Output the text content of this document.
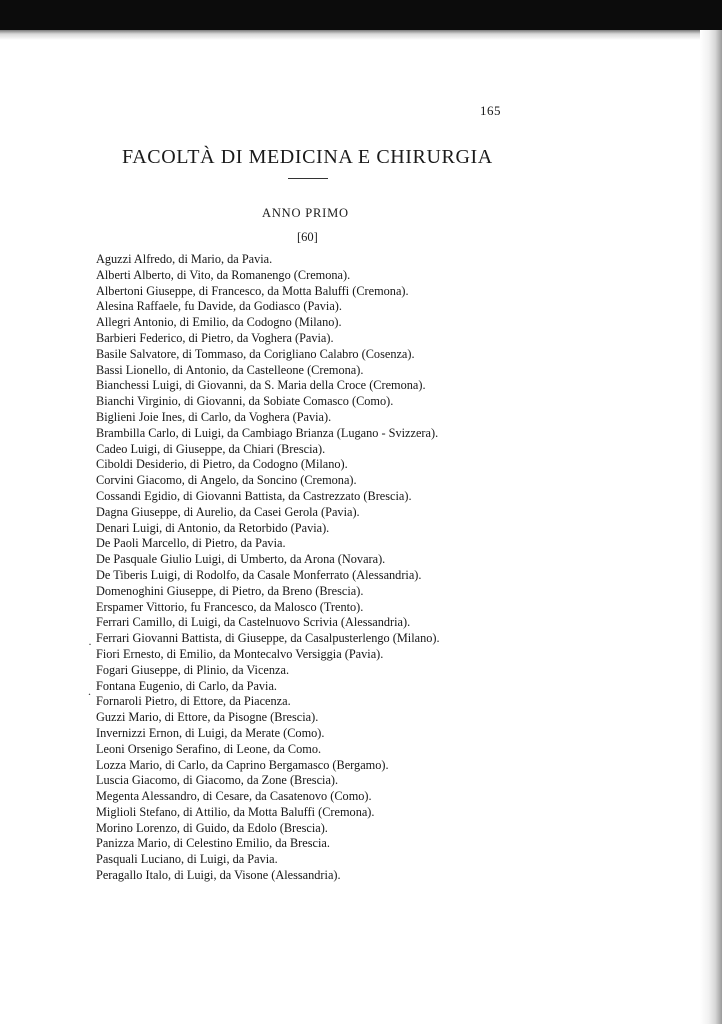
165
FACOLTÀ DI MEDICINA E CHIRURGIA
ANNO PRIMO
[60]
Aguzzi Alfredo, di Mario, da Pavia.
Alberti Alberto, di Vito, da Romanengo (Cremona).
Albertoni Giuseppe, di Francesco, da Motta Baluffi (Cremona).
Alesina Raffaele, fu Davide, da Godiasco (Pavia).
Allegri Antonio, di Emilio, da Codogno (Milano).
Barbieri Federico, di Pietro, da Voghera (Pavia).
Basile Salvatore, di Tommaso, da Corigliano Calabro (Cosenza).
Bassi Lionello, di Antonio, da Castelleone (Cremona).
Bianchessi Luigi, di Giovanni, da S. Maria della Croce (Cremona).
Bianchi Virginio, di Giovanni, da Sobiate Comasco (Como).
Biglieni Joie Ines, di Carlo, da Voghera (Pavia).
Brambilla Carlo, di Luigi, da Cambiago Brianza (Lugano - Svizzera).
Cadeo Luigi, di Giuseppe, da Chiari (Brescia).
Ciboldi Desiderio, di Pietro, da Codogno (Milano).
Corvini Giacomo, di Angelo, da Soncino (Cremona).
Cossandi Egidio, di Giovanni Battista, da Castrezzato (Brescia).
Dagna Giuseppe, di Aurelio, da Casei Gerola (Pavia).
Denari Luigi, di Antonio, da Retorbido (Pavia).
De Paoli Marcello, di Pietro, da Pavia.
De Pasquale Giulio Luigi, di Umberto, da Arona (Novara).
De Tiberis Luigi, di Rodolfo, da Casale Monferrato (Alessandria).
Domenoghini Giuseppe, di Pietro, da Breno (Brescia).
Erspamer Vittorio, fu Francesco, da Malosco (Trento).
Ferrari Camillo, di Luigi, da Castelnuovo Scrivia (Alessandria).
Ferrari Giovanni Battista, di Giuseppe, da Casalpusterlengo (Milano).
Fiori Ernesto, di Emilio, da Montecalvo Versiggia (Pavia).
Fogari Giuseppe, di Plinio, da Vicenza.
Fontana Eugenio, di Carlo, da Pavia.
Fornaroli Pietro, di Ettore, da Piacenza.
Guzzi Mario, di Ettore, da Pisogne (Brescia).
Invernizzi Ernon, di Luigi, da Merate (Como).
Leoni Orsenigo Serafino, di Leone, da Como.
Lozza Mario, di Carlo, da Caprino Bergamasco (Bergamo).
Luscia Giacomo, di Giacomo, da Zone (Brescia).
Megenta Alessandro, di Cesare, da Casatenovo (Como).
Miglioli Stefano, di Attilio, da Motta Baluffi (Cremona).
Morino Lorenzo, di Guido, da Edolo (Brescia).
Panizza Mario, di Celestino Emilio, da Brescia.
Pasquali Luciano, di Luigi, da Pavia.
Peragallo Italo, di Luigi, da Visone (Alessandria).
·
.
